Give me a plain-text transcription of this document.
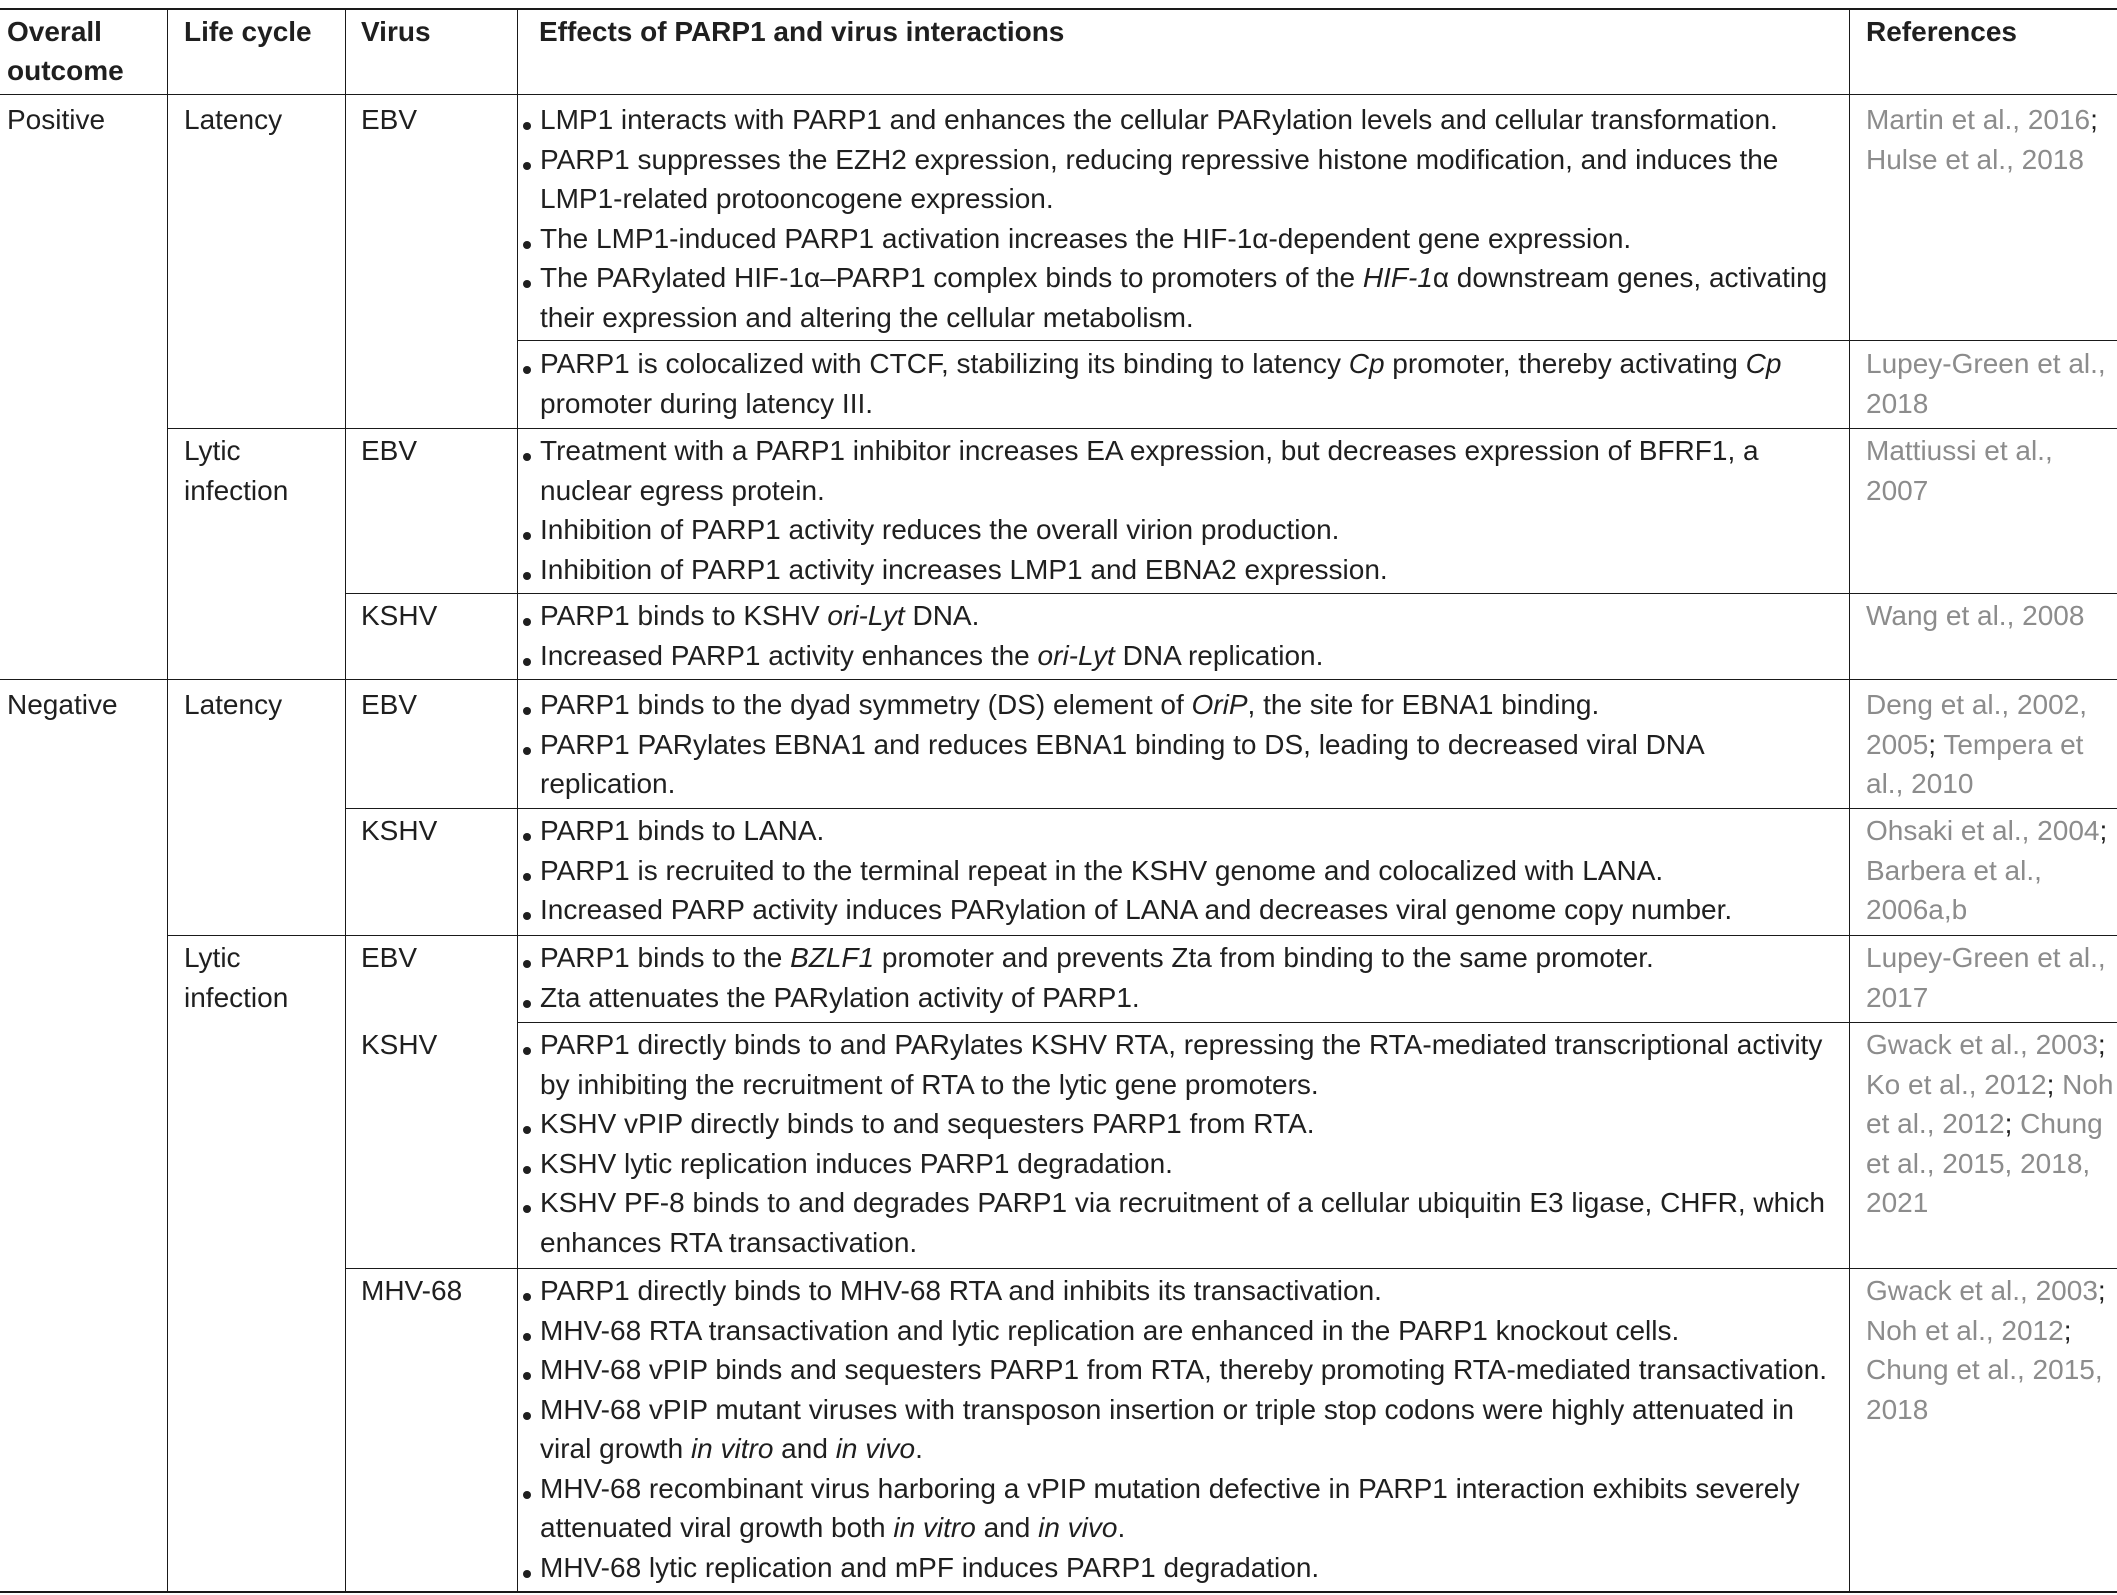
Overall
outcome
Life cycle Virus	Effects of PARP1 and virus interactions	References
Positive
Negative
Latency
Lytic infection
Latency
Lytic infection
EBV
EBV
KSHV
EBV
KSHV
EBV
KSHV
MHV-68
LMP1 interacts with PARP1 and enhances the cellular PARylation levels and cellular transformation.
PARP1 suppresses the EZH2 expression, reducing repressive histone modification, and induces the LMP1-related protooncogene expression.
The LMP1-induced PARP1 activation increases the HIF-1α-dependent gene expression.
The PARylated HIF-1α–PARP1 complex binds to promoters of the HIF-1α downstream genes, activating their expression and altering the cellular metabolism.
Martin et al., 2016; Hulse et al., 2018
PARP1 is colocalized with CTCF, stabilizing its binding to latency Cp promoter, thereby activating Cp promoter during latency III.
Lupey-Green et al., 2018
Treatment with a PARP1 inhibitor increases EA expression, but decreases expression of BFRF1, a nuclear egress protein.
Inhibition of PARP1 activity reduces the overall virion production.
Inhibition of PARP1 activity increases LMP1 and EBNA2 expression.
Mattiussi et al., 2007
PARP1 binds to KSHV ori-Lyt DNA.
Increased PARP1 activity enhances the ori-Lyt DNA replication.
Wang et al., 2008
PARP1 binds to the dyad symmetry (DS) element of OriP, the site for EBNA1 binding.
PARP1 PARylates EBNA1 and reduces EBNA1 binding to DS, leading to decreased viral DNA replication.
Deng et al., 2002, 2005; Tempera et al., 2010
PARP1 binds to LANA.
PARP1 is recruited to the terminal repeat in the KSHV genome and colocalized with LANA.
Increased PARP activity induces PARylation of LANA and decreases viral genome copy number.
Ohsaki et al., 2004; Barbera et al., 2006a,b
PARP1 binds to the BZLF1 promoter and prevents Zta from binding to the same promoter.
Zta attenuates the PARylation activity of PARP1.
Lupey-Green et al., 2017
PARP1 directly binds to and PARylates KSHV RTA, repressing the RTA-mediated transcriptional activity by inhibiting the recruitment of RTA to the lytic gene promoters.
KSHV vPIP directly binds to and sequesters PARP1 from RTA.
KSHV lytic replication induces PARP1 degradation.
KSHV PF-8 binds to and degrades PARP1 via recruitment of a cellular ubiquitin E3 ligase, CHFR, which enhances RTA transactivation.
Gwack et al., 2003; Ko et al., 2012; Noh et al., 2012; Chung et al., 2015, 2018, 2021
PARP1 directly binds to MHV-68 RTA and inhibits its transactivation.
MHV-68 RTA transactivation and lytic replication are enhanced in the PARP1 knockout cells.
MHV-68 vPIP binds and sequesters PARP1 from RTA, thereby promoting RTA-mediated transactivation.
MHV-68 vPIP mutant viruses with transposon insertion or triple stop codons were highly attenuated in viral growth in vitro and in vivo.
MHV-68 recombinant virus harboring a vPIP mutation defective in PARP1 interaction exhibits severely attenuated viral growth both in vitro and in vivo.
MHV-68 lytic replication and mPF induces PARP1 degradation.
Gwack et al., 2003; Noh et al., 2012; Chung et al., 2015, 2018
